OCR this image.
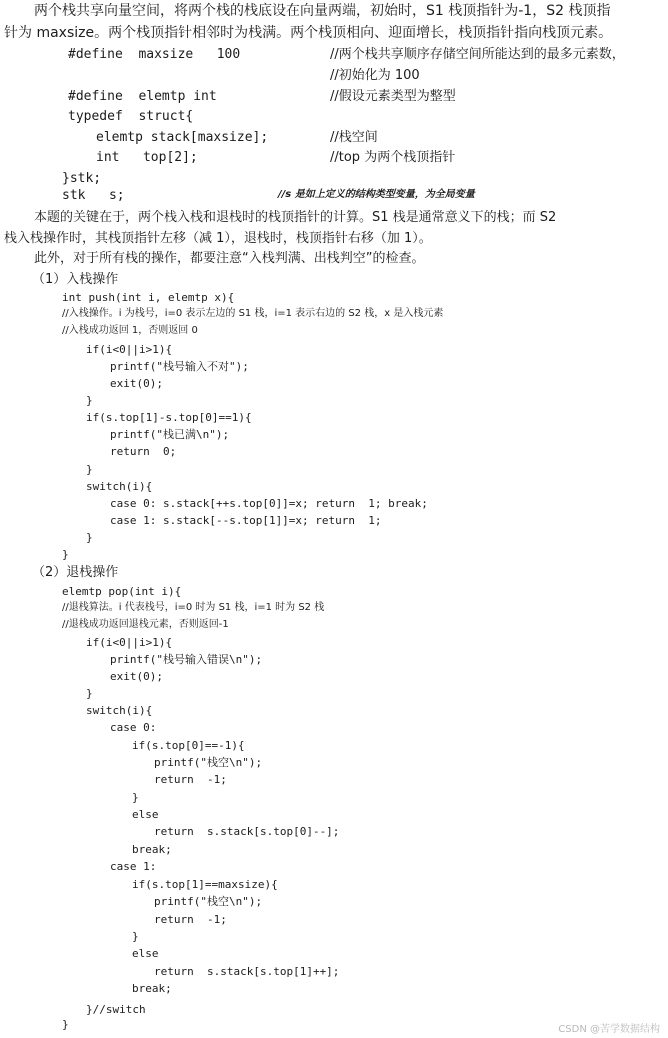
两个栈共享向量空间，将两个栈的栈底设在向量两端，初始时，S1 栈顶指针为-1，S2 栈顶指
针为 maxsize。两个栈顶指针相邻时为栈满。两个栈顶相向、迎面增长，栈顶指针指向栈顶元素。
#define  maxsize   100	//两个栈共享顺序存储空间所能达到的最多元素数，
//初始化为 100
#define  elemtp int	//假设元素类型为整型
typedef  struct{
elemtp stack[maxsize];	//栈空间
int   top[2];	//top 为两个栈顶指针
}stk;
stk   s;	//s 是如上定义的结构类型变量，为全局变量
本题的关键在于，两个栈入栈和退栈时的栈顶指针的计算。S1 栈是通常意义下的栈；而 S2
栈入栈操作时，其栈顶指针左移（减 1），退栈时，栈顶指针右移（加 1）。
此外，对于所有栈的操作，都要注意“入栈判满、出栈判空”的检查。
（1）入栈操作
int push(int i, elemtp x){
//入栈操作。i 为栈号，i=0 表示左边的 S1 栈，i=1 表示右边的 S2 栈，x 是入栈元素
//入栈成功返回 1，否则返回 0
if(i<0||i>1){
printf("栈号输入不对");
exit(0);
}
if(s.top[1]-s.top[0]==1){
printf("栈已满\n");
return  0;
}
switch(i){
case 0: s.stack[++s.top[0]]=x; return  1; break;
case 1: s.stack[--s.top[1]]=x; return  1;
}
}
（2）退栈操作
elemtp pop(int i){
//退栈算法。i 代表栈号，i=0 时为 S1 栈，i=1 时为 S2 栈
//退栈成功返回退栈元素，否则返回-1
if(i<0||i>1){
printf("栈号输入错误\n");
exit(0);
}
switch(i){
case 0:
if(s.top[0]==-1){
printf("栈空\n");
return  -1;
}
else
return  s.stack[s.top[0]--];
break;
case 1:
if(s.top[1]==maxsize){
printf("栈空\n");
return  -1;
}
else
return  s.stack[s.top[1]++];
break;
}//switch
}	CSDN @苦学数据结构
